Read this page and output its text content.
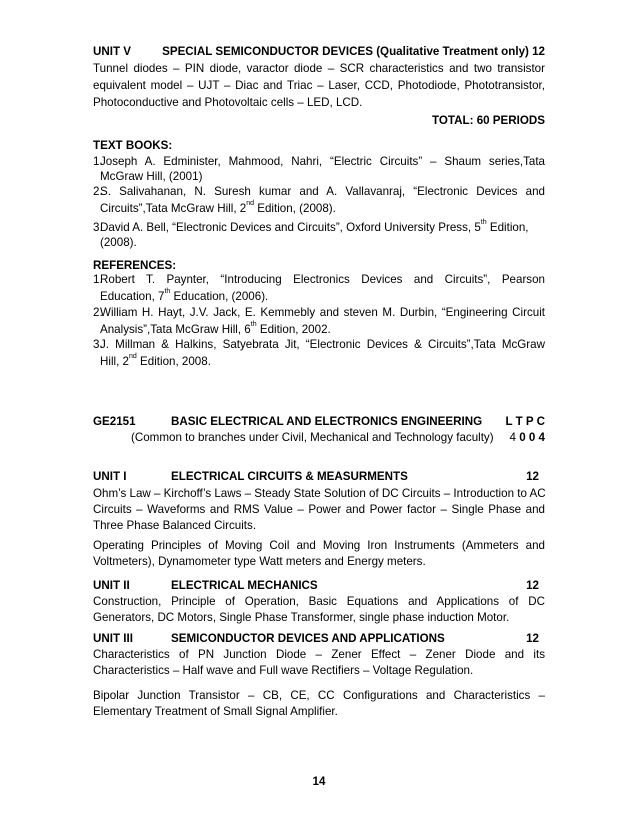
UNIT V	SPECIAL SEMICONDUCTOR DEVICES (Qualitative Treatment only) 12
Tunnel diodes – PIN diode, varactor diode – SCR characteristics and two transistor
equivalent model – UJT – Diac and Triac – Laser, CCD, Photodiode, Phototransistor,
Photoconductive and Photovoltaic cells – LED, LCD.
TOTAL: 60 PERIODS
TEXT BOOKS:
1.
Joseph A. Edminister, Mahmood, Nahri, “Electric Circuits” – Shaum series,Tata
McGraw Hill, (2001)
2.
S. Salivahanan, N. Suresh kumar and A. Vallavanraj, “Electronic Devices and
Circuits”,Tata McGraw Hill, 2nd Edition, (2008).
3.
David A. Bell, “Electronic Devices and Circuits”, Oxford University Press, 5th Edition,
(2008).
REFERENCES:
1.
Robert T. Paynter, “Introducing Electronics Devices and Circuits”, Pearson
Education, 7th Education, (2006).
2.
William H. Hayt, J.V. Jack, E. Kemmebly and steven M. Durbin, “Engineering Circuit
Analysis”,Tata McGraw Hill, 6th Edition, 2002.
3.
J. Millman & Halkins, Satyebrata Jit, “Electronic Devices & Circuits”,Tata McGraw
Hill, 2nd Edition, 2008.
GE2151	BASIC ELECTRICAL AND ELECTRONICS ENGINEERING L T P C
(Common to branches under Civil, Mechanical and Technology faculty) 4 0 0 4
UNIT I	ELECTRICAL CIRCUITS & MEASURMENTS	12
Ohm’s Law – Kirchoff’s Laws – Steady State Solution of DC Circuits – Introduction to AC
Circuits – Waveforms and RMS Value – Power and Power factor – Single Phase and
Three Phase Balanced Circuits.
Operating Principles of Moving Coil and Moving Iron Instruments (Ammeters and
Voltmeters), Dynamometer type Watt meters and Energy meters.
UNIT II	ELECTRICAL MECHANICS	12
Construction, Principle of Operation, Basic Equations and Applications of DC
Generators, DC Motors, Single Phase Transformer, single phase induction Motor.
UNIT III	SEMICONDUCTOR DEVICES AND APPLICATIONS	12
Characteristics of PN Junction Diode – Zener Effect – Zener Diode and its
Characteristics – Half wave and Full wave Rectifiers – Voltage Regulation.
Bipolar Junction Transistor – CB, CE, CC Configurations and Characteristics –
Elementary Treatment of Small Signal Amplifier.
14
